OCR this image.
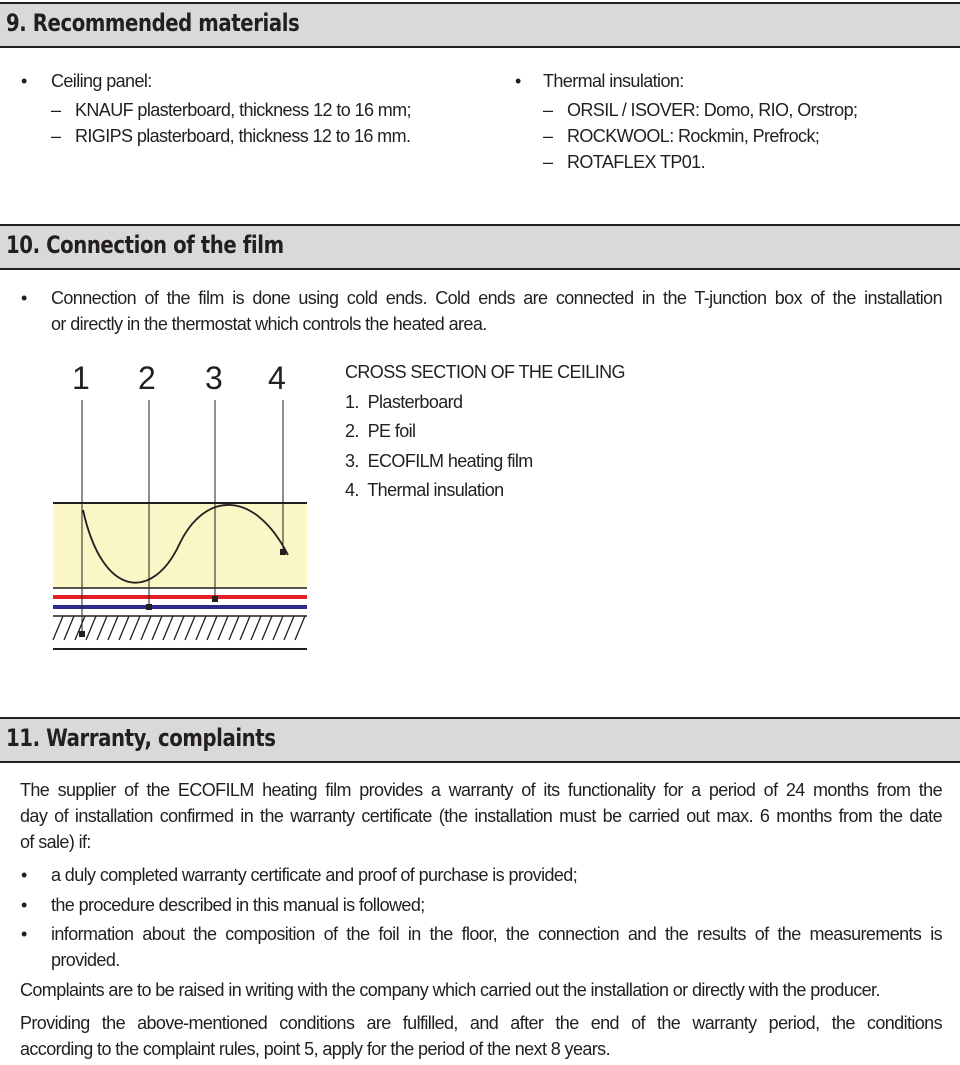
9. Recommended materials
• Ceiling panel:
– KNAUF plasterboard, thickness 12 to 16 mm;
– RIGIPS plasterboard, thickness 12 to 16 mm.
• Thermal insulation:
– ORSIL / ISOVER: Domo, RIO, Orstrop;
– ROCKWOOL: Rockmin, Prefrock;
– ROTAFLEX TP01.
10. Connection of the film
• Connection of the film is done using cold ends. Cold ends are connected in the T-junction box of the installation
or directly in the thermostat which controls the heated area.
1 2 3 4	CROSS SECTION OF THE CEILING
1.  Plasterboard
2.  PE foil
3.  ECOFILM heating film
4.  Thermal insulation
11. Warranty, complaints
The supplier of the ECOFILM heating film provides a warranty of its functionality for a period of 24 months from the
day of installation confirmed in the warranty certificate (the installation must be carried out max. 6 months from the date
of sale) if:
• a duly completed warranty certificate and proof of purchase is provided;
• the procedure described in this manual is followed;
• information about the composition of the foil in the floor, the connection and the results of the measurements is
provided.
Complaints are to be raised in writing with the company which carried out the installation or directly with the producer.
Providing the above-mentioned conditions are fulfilled, and after the end of the warranty period, the conditions
according to the complaint rules, point 5, apply for the period of the next 8 years.
